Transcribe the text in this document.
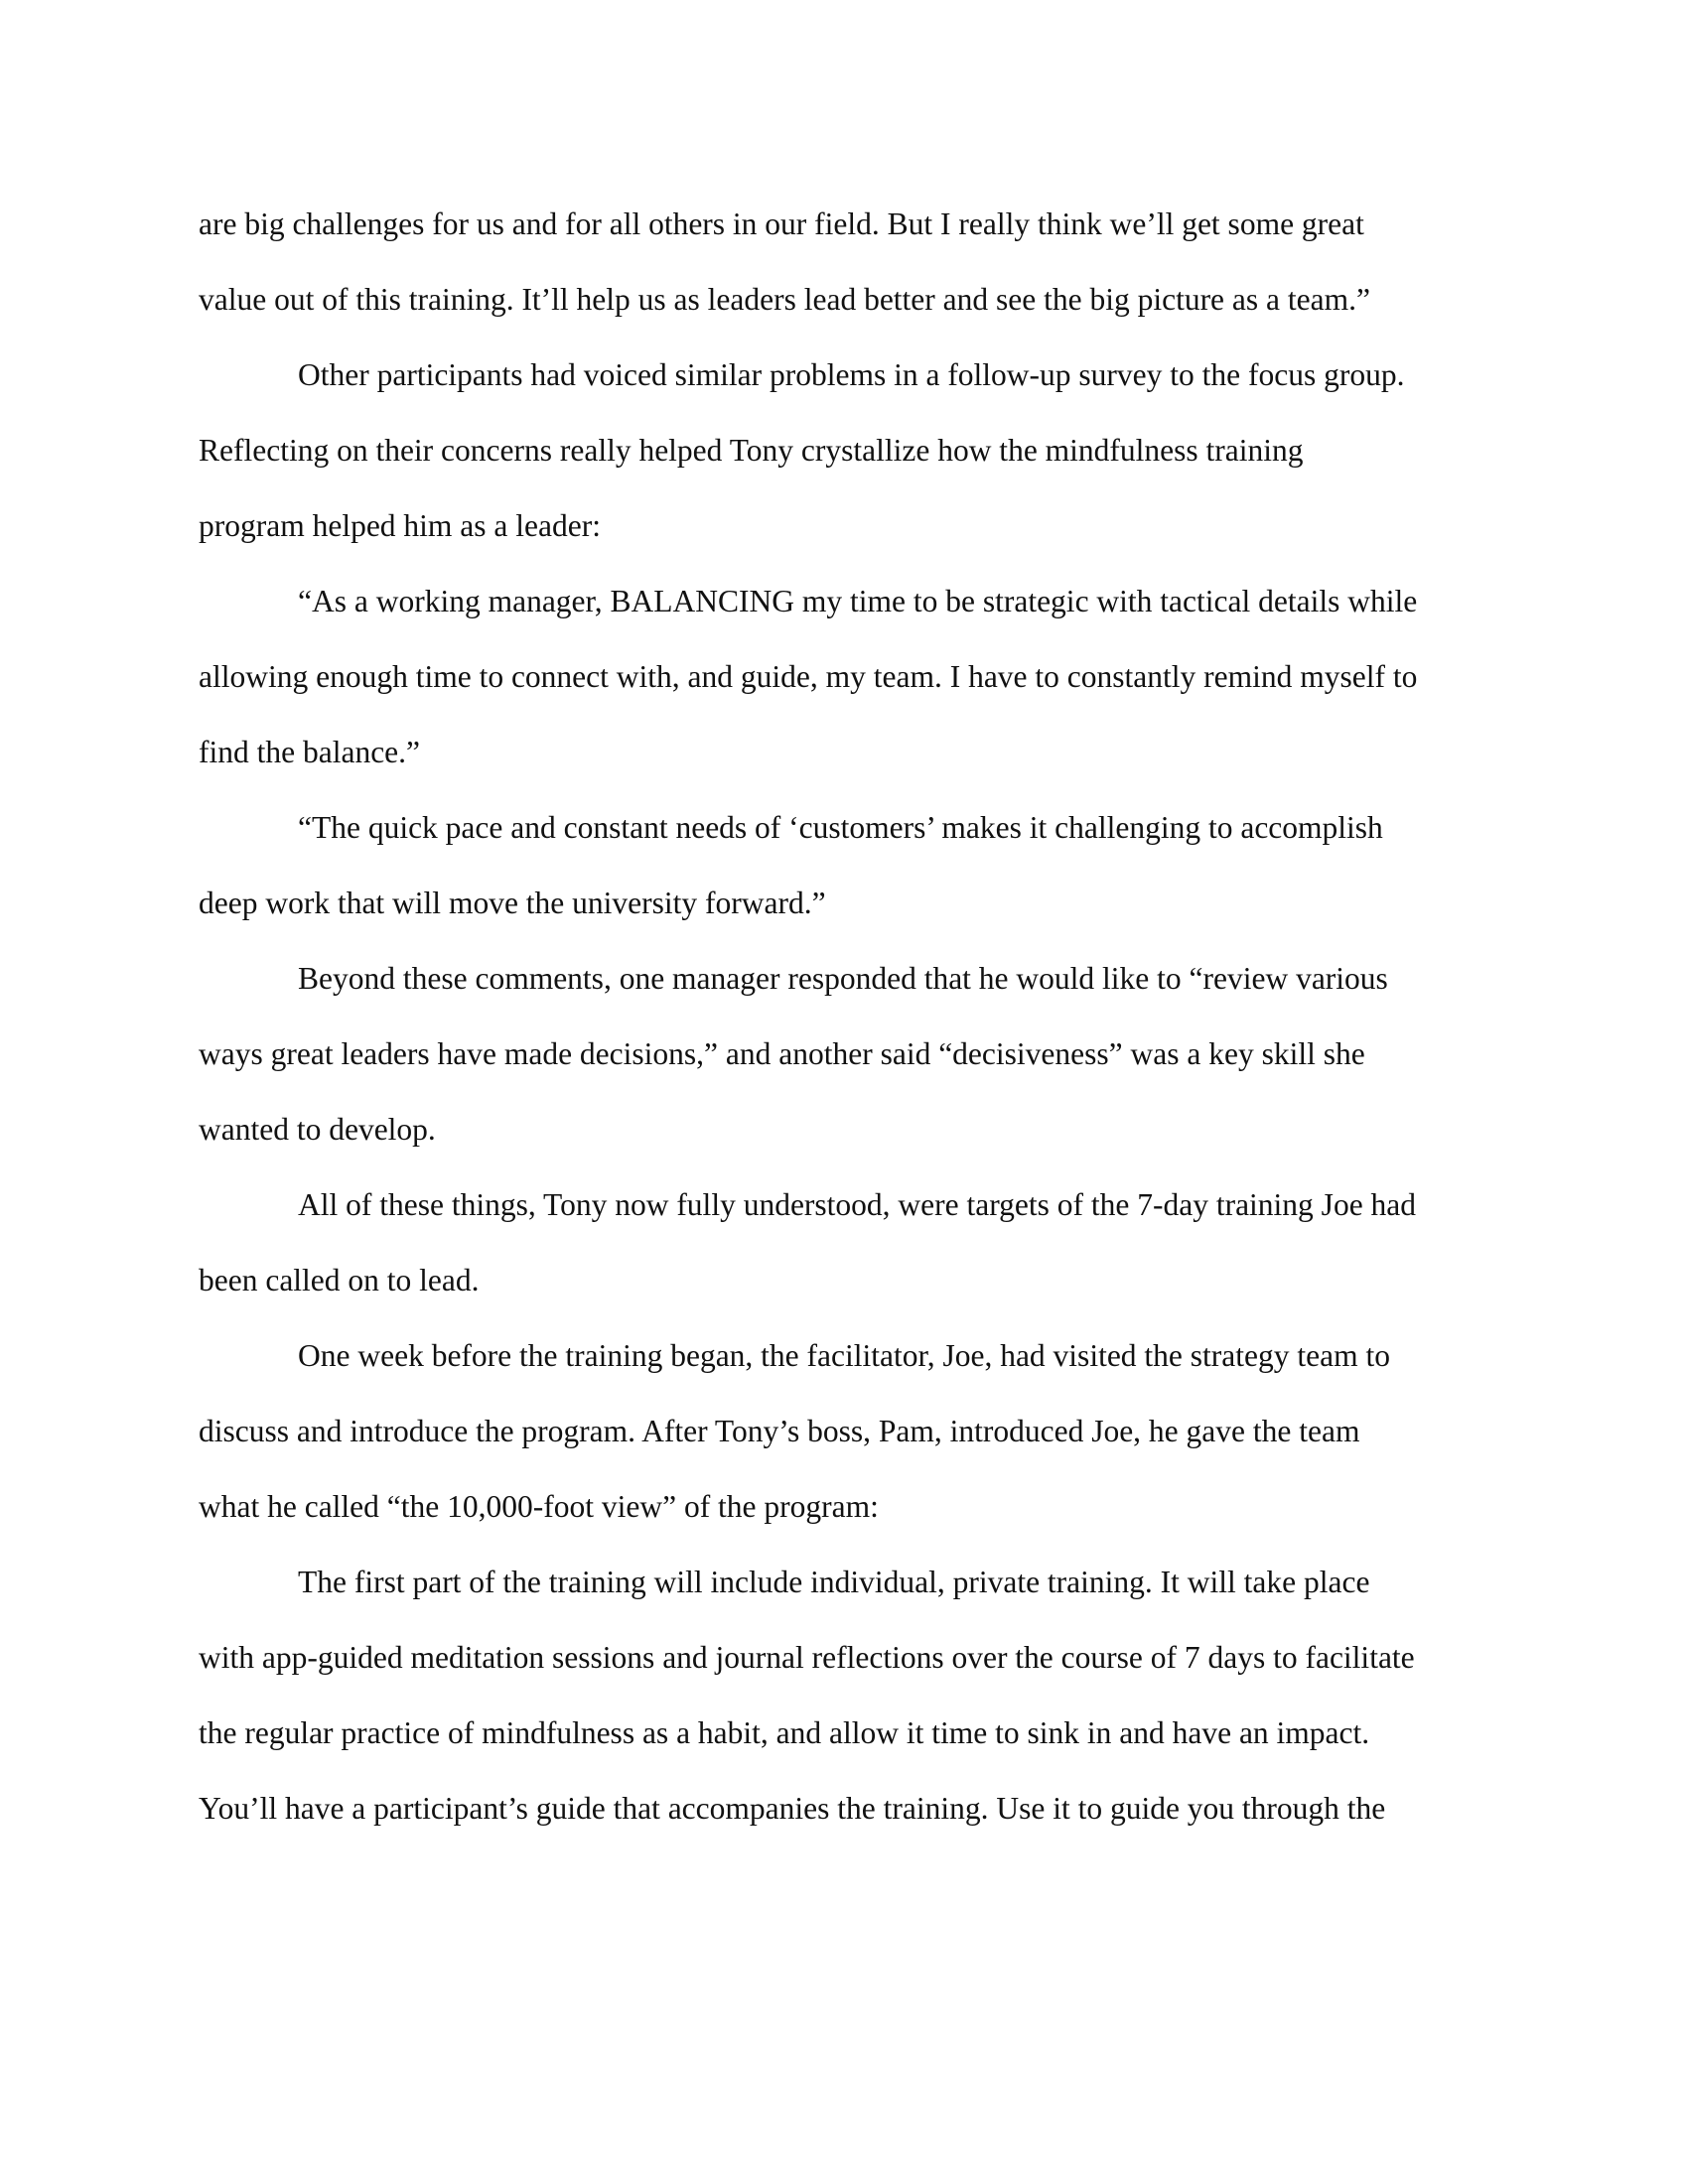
are big challenges for us and for all others in our field. But I really think we’ll get some great
value out of this training. It’ll help us as leaders lead better and see the big picture as a team.”
Other participants had voiced similar problems in a follow-up survey to the focus group.
Reflecting on their concerns really helped Tony crystallize how the mindfulness training
program helped him as a leader:
“As a working manager, BALANCING my time to be strategic with tactical details while
allowing enough time to connect with, and guide, my team. I have to constantly remind myself to
find the balance.”
“The quick pace and constant needs of ‘customers’ makes it challenging to accomplish
deep work that will move the university forward.”
Beyond these comments, one manager responded that he would like to “review various
ways great leaders have made decisions,” and another said “decisiveness” was a key skill she
wanted to develop.
All of these things, Tony now fully understood, were targets of the 7-day training Joe had
been called on to lead.
One week before the training began, the facilitator, Joe, had visited the strategy team to
discuss and introduce the program. After Tony’s boss, Pam, introduced Joe, he gave the team
what he called “the 10,000-foot view” of the program:
The first part of the training will include individual, private training. It will take place
with app-guided meditation sessions and journal reflections over the course of 7 days to facilitate
the regular practice of mindfulness as a habit, and allow it time to sink in and have an impact.
You’ll have a participant’s guide that accompanies the training. Use it to guide you through the
